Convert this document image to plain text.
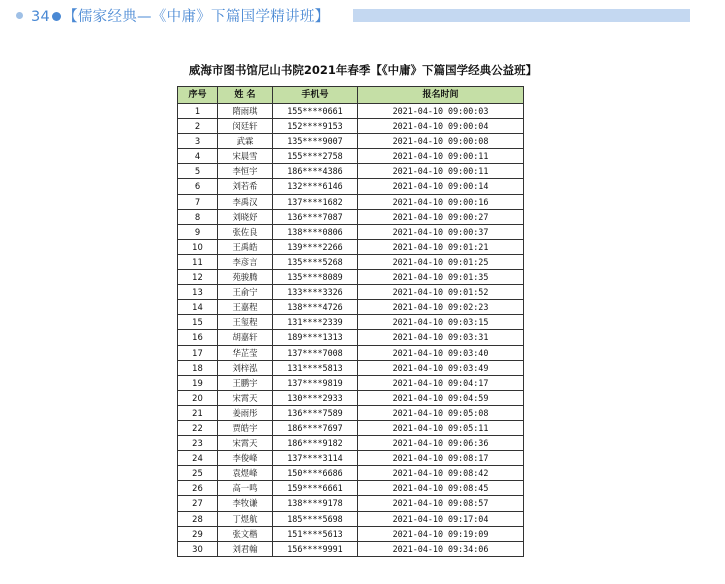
34 【儒家经典—《中庸》下篇国学精讲班】
威海市图书馆尼山书院2021年春季【《中庸》下篇国学经典公益班】
序号	姓 名	手机号	报名时间
1	隋雨琪	155****0661	2021-04-10 09:00:03
2	闵廷轩	152****9153	2021-04-10 09:00:04
3	武霖	135****9007	2021-04-10 09:00:08
4	宋晨雪	155****2758	2021-04-10 09:00:11
5	李恒宇	186****4386	2021-04-10 09:00:11
6	刘若希	132****6146	2021-04-10 09:00:14
7	李禹汉	137****1682	2021-04-10 09:00:16
8	刘晓妤	136****7087	2021-04-10 09:00:27
9	张佐良	138****0806	2021-04-10 09:00:37
10	王禹皓	139****2266	2021-04-10 09:01:21
11	李彦言	135****5268	2021-04-10 09:01:25
12	苑骏腾	135****8089	2021-04-10 09:01:35
13	王俞宁	133****3326	2021-04-10 09:01:52
14	王嘉程	138****4726	2021-04-10 09:02:23
15	王玺程	131****2339	2021-04-10 09:03:15
16	胡嘉轩	189****1313	2021-04-10 09:03:31
17	华芷莹	137****7008	2021-04-10 09:03:40
18	刘梓泓	131****5813	2021-04-10 09:03:49
19	王鹏宇	137****9819	2021-04-10 09:04:17
20	宋霄天	130****2933	2021-04-10 09:04:59
21	姜雨彤	136****7589	2021-04-10 09:05:08
22	贾皓宇	186****7697	2021-04-10 09:05:11
23	宋霄天	186****9182	2021-04-10 09:06:36
24	李俊峰	137****3114	2021-04-10 09:08:17
25	袁煜峰	150****6686	2021-04-10 09:08:42
26	高一鸣	159****6661	2021-04-10 09:08:45
27	李牧谦	138****9178	2021-04-10 09:08:57
28	丁煜航	185****5698	2021-04-10 09:17:04
29	张文楷	151****5613	2021-04-10 09:19:09
30	刘君翰	156****9991	2021-04-10 09:34:06
